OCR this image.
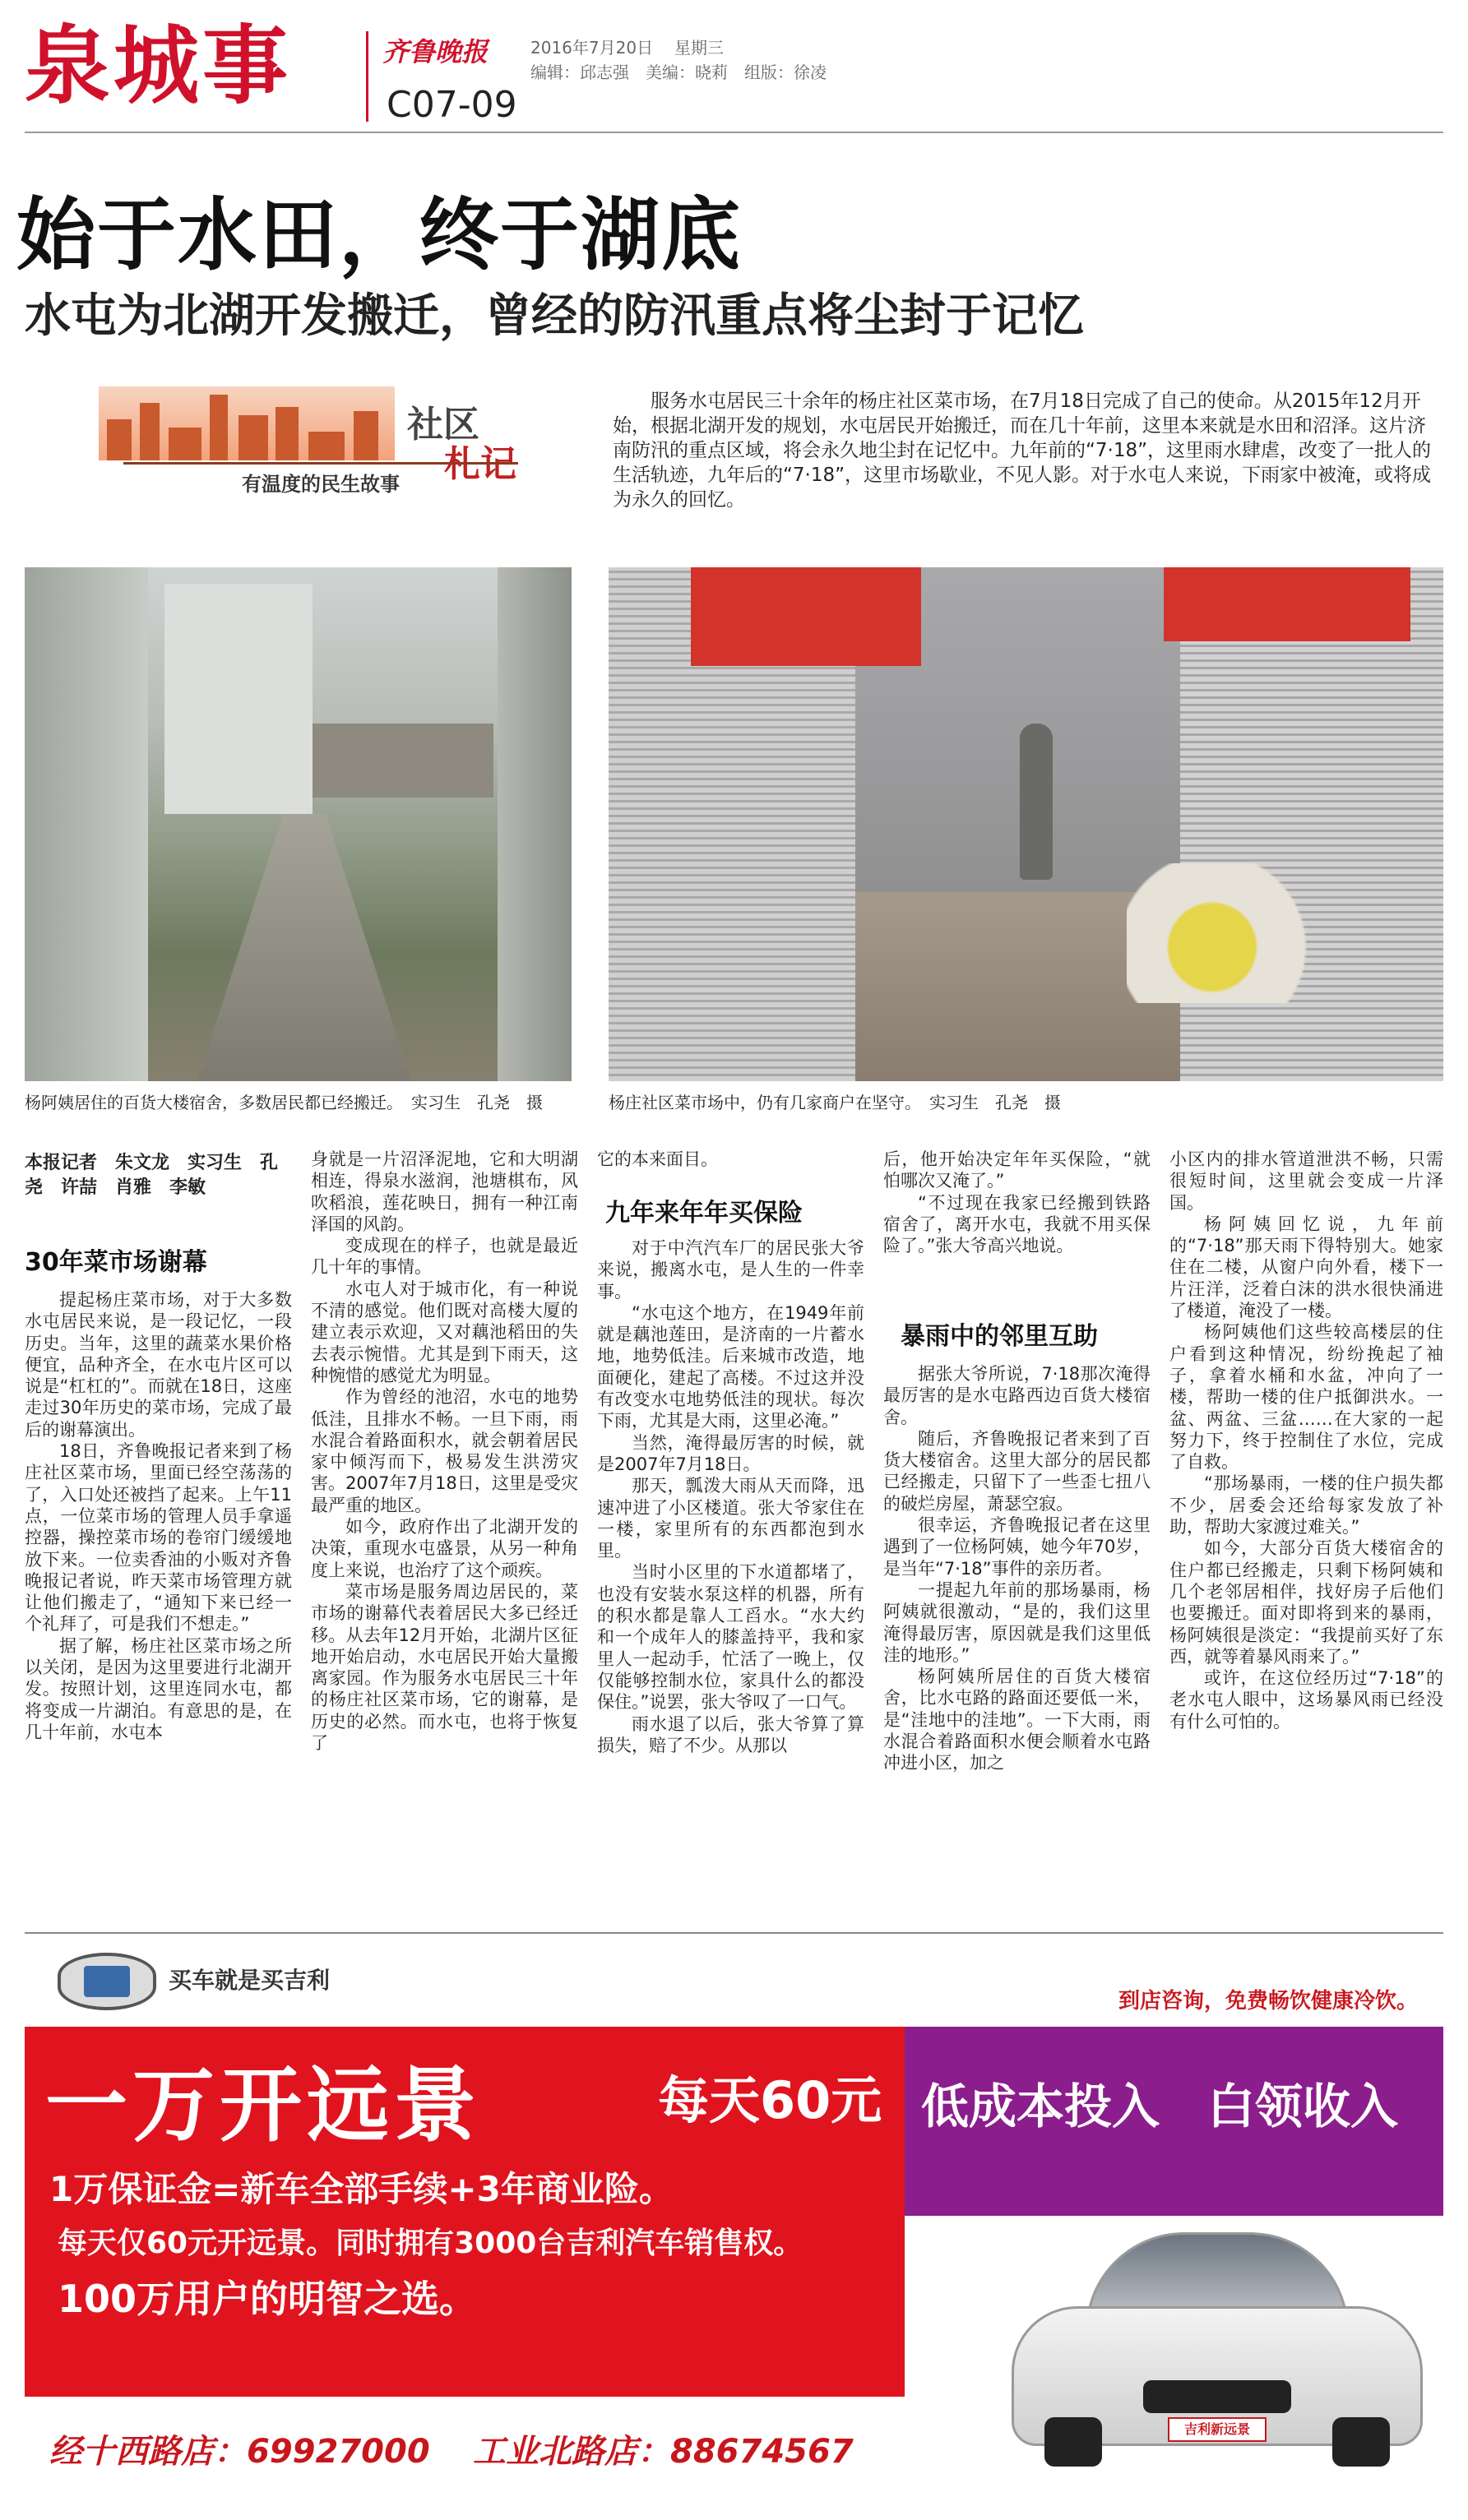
泉城事	齐鲁晚报	2016年7月20日 星期三
编辑：邱志强　美编：晓莉　组版：徐凌
C07-09
始于水田，终于湖底
水屯为北湖开发搬迁，曾经的防汛重点将尘封于记忆
社区
札记
有温度的民生故事

服务水屯居民三十余年的杨庄社区菜市场，在7月18日完成了自己的使命。从2015年12月开始，根据北湖开发的规划，水屯居民开始搬迁，而在几十年前，这里本来就是水田和沼泽。这片济南防汛的重点区域，将会永久地尘封在记忆中。九年前的“7·18”，这里雨水肆虐，改变了一批人的生活轨迹，九年后的“7·18”，这里市场歇业，不见人影。对于水屯人来说，下雨家中被淹，或将成为永久的回忆。

杨阿姨居住的百货大楼宿舍，多数居民都已经搬迁。　实习生　孔尧　摄	杨庄社区菜市场中，仍有几家商户在坚守。　实习生　孔尧　摄
本报记者　朱文龙　实习生　孔尧　许喆　肖雅　李敏
30年菜市场谢幕

提起杨庄菜市场，对于大多数水屯居民来说，是一段记忆，一段历史。当年，这里的蔬菜水果价格便宜，品种齐全，在水屯片区可以说是“杠杠的”。而就在18日，这座走过30年历史的菜市场，完成了最后的谢幕演出。

18日，齐鲁晚报记者来到了杨庄社区菜市场，里面已经空荡荡的了，入口处还被挡了起来。上午11点，一位菜市场的管理人员手拿遥控器，操控菜市场的卷帘门缓缓地放下来。一位卖香油的小贩对齐鲁晚报记者说，昨天菜市场管理方就让他们搬走了，“通知下来已经一个礼拜了，可是我们不想走。”

据了解，杨庄社区菜市场之所以关闭，是因为这里要进行北湖开发。按照计划，这里连同水屯，都将变成一片湖泊。有意思的是，在几十年前，水屯本

身就是一片沼泽泥地，它和大明湖相连，得泉水滋润，池塘棋布，风吹稻浪，莲花映日，拥有一种江南泽国的风韵。

变成现在的样子，也就是最近几十年的事情。

水屯人对于城市化，有一种说不清的感觉。他们既对高楼大厦的建立表示欢迎，又对藕池稻田的失去表示惋惜。尤其是到下雨天，这种惋惜的感觉尤为明显。

作为曾经的池沼，水屯的地势低洼，且排水不畅。一旦下雨，雨水混合着路面积水，就会朝着居民家中倾泻而下，极易发生洪涝灾害。2007年7月18日，这里是受灾最严重的地区。

如今，政府作出了北湖开发的决策，重现水屯盛景，从另一种角度上来说，也治疗了这个顽疾。

菜市场是服务周边居民的，菜市场的谢幕代表着居民大多已经迁移。从去年12月开始，北湖片区征地开始启动，水屯居民开始大量搬离家园。作为服务水屯居民三十年的杨庄社区菜市场，它的谢幕，是历史的必然。而水屯，也将于恢复了

它的本来面目。

九年来年年买保险

对于中汽汽车厂的居民张大爷来说，搬离水屯，是人生的一件幸事。

“水屯这个地方，在1949年前就是藕池莲田，是济南的一片蓄水地，地势低洼。后来城市改造，地面硬化，建起了高楼。不过这并没有改变水屯地势低洼的现状。每次下雨，尤其是大雨，这里必淹。”

当然，淹得最厉害的时候，就是2007年7月18日。

那天，瓢泼大雨从天而降，迅速冲进了小区楼道。张大爷家住在一楼，家里所有的东西都泡到水里。

当时小区里的下水道都堵了，也没有安装水泵这样的机器，所有的积水都是靠人工舀水。“水大约和一个成年人的膝盖持平，我和家里人一起动手，忙活了一晚上，仅仅能够控制水位，家具什么的都没保住。”说罢，张大爷叹了一口气。

雨水退了以后，张大爷算了算损失，赔了不少。从那以

后，他开始决定年年买保险，“就怕哪次又淹了。”

“不过现在我家已经搬到铁路宿舍了，离开水屯，我就不用买保险了。”张大爷高兴地说。

暴雨中的邻里互助

据张大爷所说，7·18那次淹得最厉害的是水屯路西边百货大楼宿舍。

随后，齐鲁晚报记者来到了百货大楼宿舍。这里大部分的居民都已经搬走，只留下了一些歪七扭八的破烂房屋，萧瑟空寂。

很幸运，齐鲁晚报记者在这里遇到了一位杨阿姨，她今年70岁，是当年“7·18”事件的亲历者。

一提起九年前的那场暴雨，杨阿姨就很激动，“是的，我们这里淹得最厉害，原因就是我们这里低洼的地形。”

杨阿姨所居住的百货大楼宿舍，比水屯路的路面还要低一米，是“洼地中的洼地”。一下大雨，雨水混合着路面积水便会顺着水屯路冲进小区，加之

小区内的排水管道泄洪不畅，只需很短时间，这里就会变成一片泽国。

杨阿姨回忆说，九年前的“7·18”那天雨下得特别大。她家住在二楼，从窗户向外看，楼下一片汪洋，泛着白沫的洪水很快涌进了楼道，淹没了一楼。

杨阿姨他们这些较高楼层的住户看到这种情况，纷纷挽起了袖子，拿着水桶和水盆，冲向了一楼，帮助一楼的住户抵御洪水。一盆、两盆、三盆……在大家的一起努力下，终于控制住了水位，完成了自救。

“那场暴雨，一楼的住户损失都不少，居委会还给每家发放了补助，帮助大家渡过难关。”

如今，大部分百货大楼宿舍的住户都已经搬走，只剩下杨阿姨和几个老邻居相伴，找好房子后他们也要搬迁。面对即将到来的暴雨，杨阿姨很是淡定：“我提前买好了东西，就等着暴风雨来了。”

或许，在这位经历过“7·18”的老水屯人眼中，这场暴风雨已经没有什么可怕的。

买车就是买吉利
到店咨询，免费畅饮健康冷饮。
一万开远景	每天60元 低成本投入　白领收入
1万保证金=新车全部手续+3年商业险。
每天仅60元开远景。同时拥有3000台吉利汽车销售权。
100万用户的明智之选。
吉利新远景
经十西路店：69927000 工业北路店：88674567
